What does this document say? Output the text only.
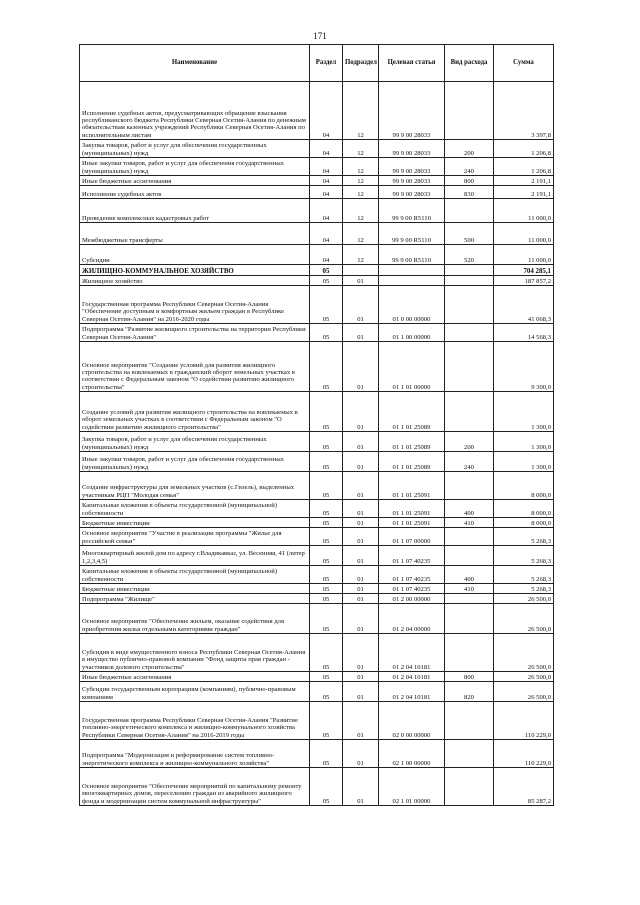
171
Наименование	Раздел	Подраздел	Целевая статья	Вид расхода	Сумма
Исполнение судебных актов, предусматривающих обращение взыскания республиканского бюджета Республики Северная Осетия-Алания по денежным обязательствам казенных учреждений Республики Северная Осетия-Алания по исполнительным листам	04	12	99 9 00 28033		3 397,8
Закупка товаров, работ и услуг для обеспечения государственных (муниципальных) нужд	04	12	99 9 00 28033	200	1 206,8
Иные закупки товаров, работ и услуг для обеспечения государственных (муниципальных) нужд	04	12	99 9 00 28033	240	1 206,8
Иные бюджетные ассигнования	04	12	99 9 00 28033	800	2 191,1
Исполнение судебных актов	04	12	99 9 00 28033	830	2 191,1
Проведение комплексных кадастровых работ	04	12	99 9 00 R5110		11 000,0
Межбюджетные трансферты	04	12	99 9 00 R5110	500	11 000,0
Субсидии	04	12	99 9 00 R5110	520	11 000,0
ЖИЛИЩНО-КОММУНАЛЬНОЕ ХОЗЯЙСТВО	05				704 285,1
Жилищное хозяйство	05	01			187 857,2
Государственная программа Республики Северная Осетия-Алания "Обеспечение доступным и комфортным жильем граждан в Республике Северная Осетия-Алания" на 2016-2020 годы	05	01	01 0 00 00000		41 068,3
Подпрограмма "Развитие жилищного строительства на территории Республики Северная Осетия-Алания"	05	01	01 1 00 00000		14 568,3
Основное мероприятие "Создание условий для развития жилищного строительства на вовлекаемых в гражданский оборот земельных участках в соответствии с Федеральным законом "О содействии развитию жилищного строительства"	05	01	01 1 01 00000		9 300,0
Создание условий для развития жилищного строительства на вовлекаемых в оборот земельных участках в соответствии с Федеральным законом "О содействии развитию жилищного строительства"	05	01	01 1 01 25089		1 300,0
Закупка товаров, работ и услуг для обеспечения государственных (муниципальных) нужд	05	01	01 1 01 25089	200	1 300,0
Иные закупки товаров, работ и услуг для обеспечения государственных (муниципальных) нужд	05	01	01 1 01 25089	240	1 300,0
Создание инфраструктуры для земельных участков (с.Гизель), выделенных участникам РЦП "Молодая семья"	05	01	01 1 01 25091		8 000,0
Капитальные вложения в объекты государственной (муниципальной) собственности	05	01	01 1 01 25091	400	8 000,0
Бюджетные инвестиции	05	01	01 1 01 25091	410	8 000,0
Основное мероприятие "Участие в реализации программы "Жилье для российской семьи"	05	01	01 1 07 00000		5 268,3
Многоквартирный жилой дом по адресу г.Владикавказ, ул. Весенняя, 41 (литер 1,2,3,4,5)	05	01	01 1 07 40235		5 268,3
Капитальные вложения в объекты государственной (муниципальной) собственности	05	01	01 1 07 40235	400	5 268,3
Бюджетные инвестиции	05	01	01 1 07 40235	410	5 268,3
Подпрограмма "Жилище"	05	01	01 2 00 00000		26 500,0
Основное мероприятие "Обеспечение жильем, оказание содействия для приобретения жилья отдельными категориями граждан"	05	01	01 2 04 00000		26 500,0
Субсидия в виде имущественного взноса Республики Северная Осетия-Алания в имущество публично-правовой компании "Фонд защиты прав граждан - участников долевого строительства"	05	01	01 2 04 10181		26 500,0
Иные бюджетные ассигнования	05	01	01 2 04 10181	800	26 500,0
Субсидии государственным корпорациям (компаниям), публично-правовым компаниям	05	01	01 2 04 10181	820	26 500,0
Государственная программа Республики Северная Осетия-Алания "Развитие топливно-энергетического комплекса и жилищно-коммунального хозяйства Республики Северная Осетия-Алания" на 2016-2019 годы	05	01	02 0 00 00000		110 229,0
Подпрограмма "Модернизация и реформирование систем топливно-энергетического комплекса и жилищно-коммунального хозяйства"	05	01	02 1 00 00000		110 229,0
Основное мероприятие "Обеспечение мероприятий по капитальному ремонту многоквартирных домов, переселению граждан из аварийного жилищного фонда и модернизации систем коммунальной инфраструктуры"	05	01	02 1 01 00000		85 287,2
